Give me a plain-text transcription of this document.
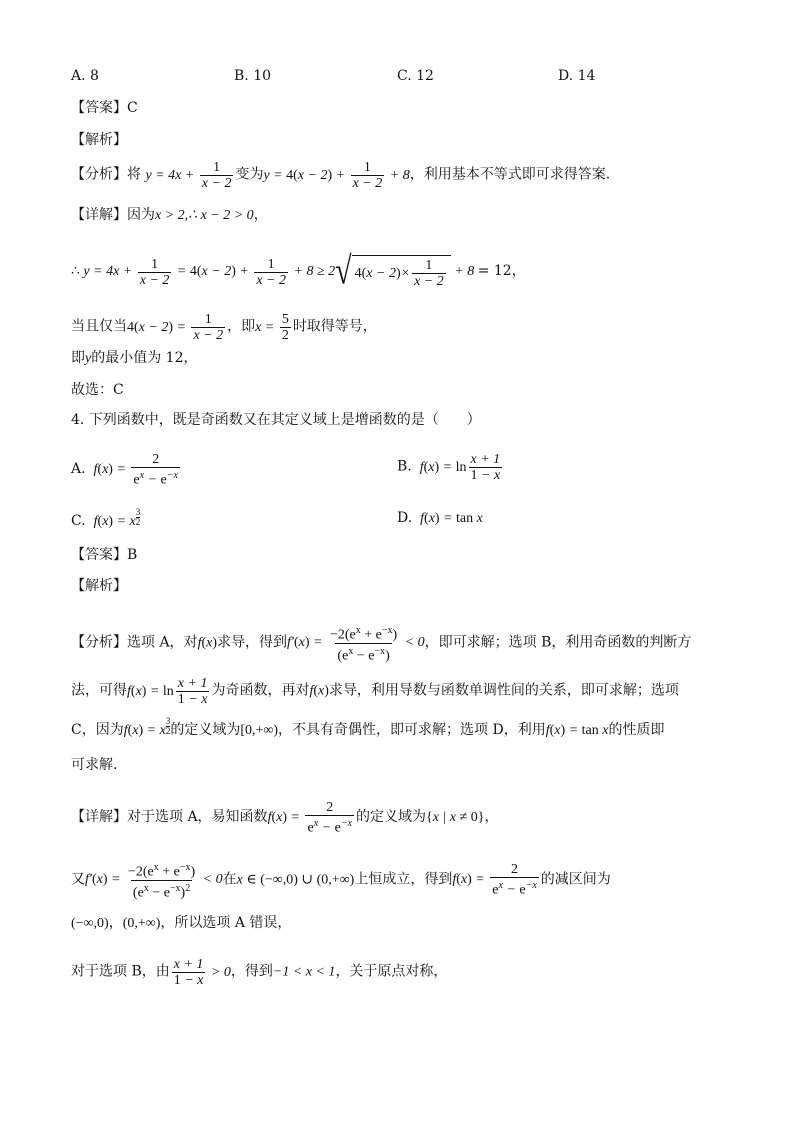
A. 8	B. 10	C. 12	D. 14
【答案】C
【解析】
【分析】将 $y = 4x + \frac{1}{x - 2}$ 变为$y = 4(x - 2) + \frac{1}{x - 2} + 8$，利用基本不等式即可求得答案.
【详解】因为x > 2,∴ x − 2 > 0，
∴ $y = 4x + \frac{1}{x - 2} = 4(x - 2) + \frac{1}{x - 2} + 8 \ge 2$ √ 4( x − 2 ) × $\frac{1}{x - 2} + 8 = 12$，
当且仅当$4(x - 2) = \frac{1}{x - 2}$ ，即$x = \frac{5}{2}$ 时取得等号，
即y的最小值为 12，
故选：C
4. 下列函数中，既是奇函数又在其定义域上是增函数的是（　　）
A.  $f(x) = \frac{2}{e^x - e^{-x}}$	B.  $f(x) = \ln \frac{x + 1}{1 - x}$
C.  f(x) = x $\frac{3}{2}$	D.  f(x) = tan x
【答案】B
【解析】
【分析】选项 A，对f(x)求导，得到$f'(x) = \frac{-2(e^x + e^{-x})}{(e^x - e^{-x})} < 0$，即可求解；选项 B，利用奇函数的判断方
法，可得$f(x) = \ln \frac{x + 1}{1 - x}$ 为奇函数，再对f(x)求导，利用导数与函数单调性间的关系，即可求解；选项
C，因为f(x) = x $\frac{3}{2}$ 的定义域为[0,+∞)，不具有奇偶性，即可求解；选项 D，利用f(x) = tan x的性质即
可求解.
【详解】对于选项 A，易知函数$f(x) = \frac{2}{e^x - e^{-x}}$ 的定义域为{x | x ≠ 0}，
又$f'(x) = \frac{-2(e^x + e^{-x})}{(e^x - e^{-x})^2} < 0$在x ∈ (−∞,0) ∪ (0,+∞)上恒成立，得到$f(x) = \frac{2}{e^x - e^{-x}}$ 的减区间为
(−∞,0)，(0,+∞)，所以选项 A 错误，
对于选项 B，由 $\frac{x + 1}{1 - x} > 0$，得到−1 < x < 1，关于原点对称，
